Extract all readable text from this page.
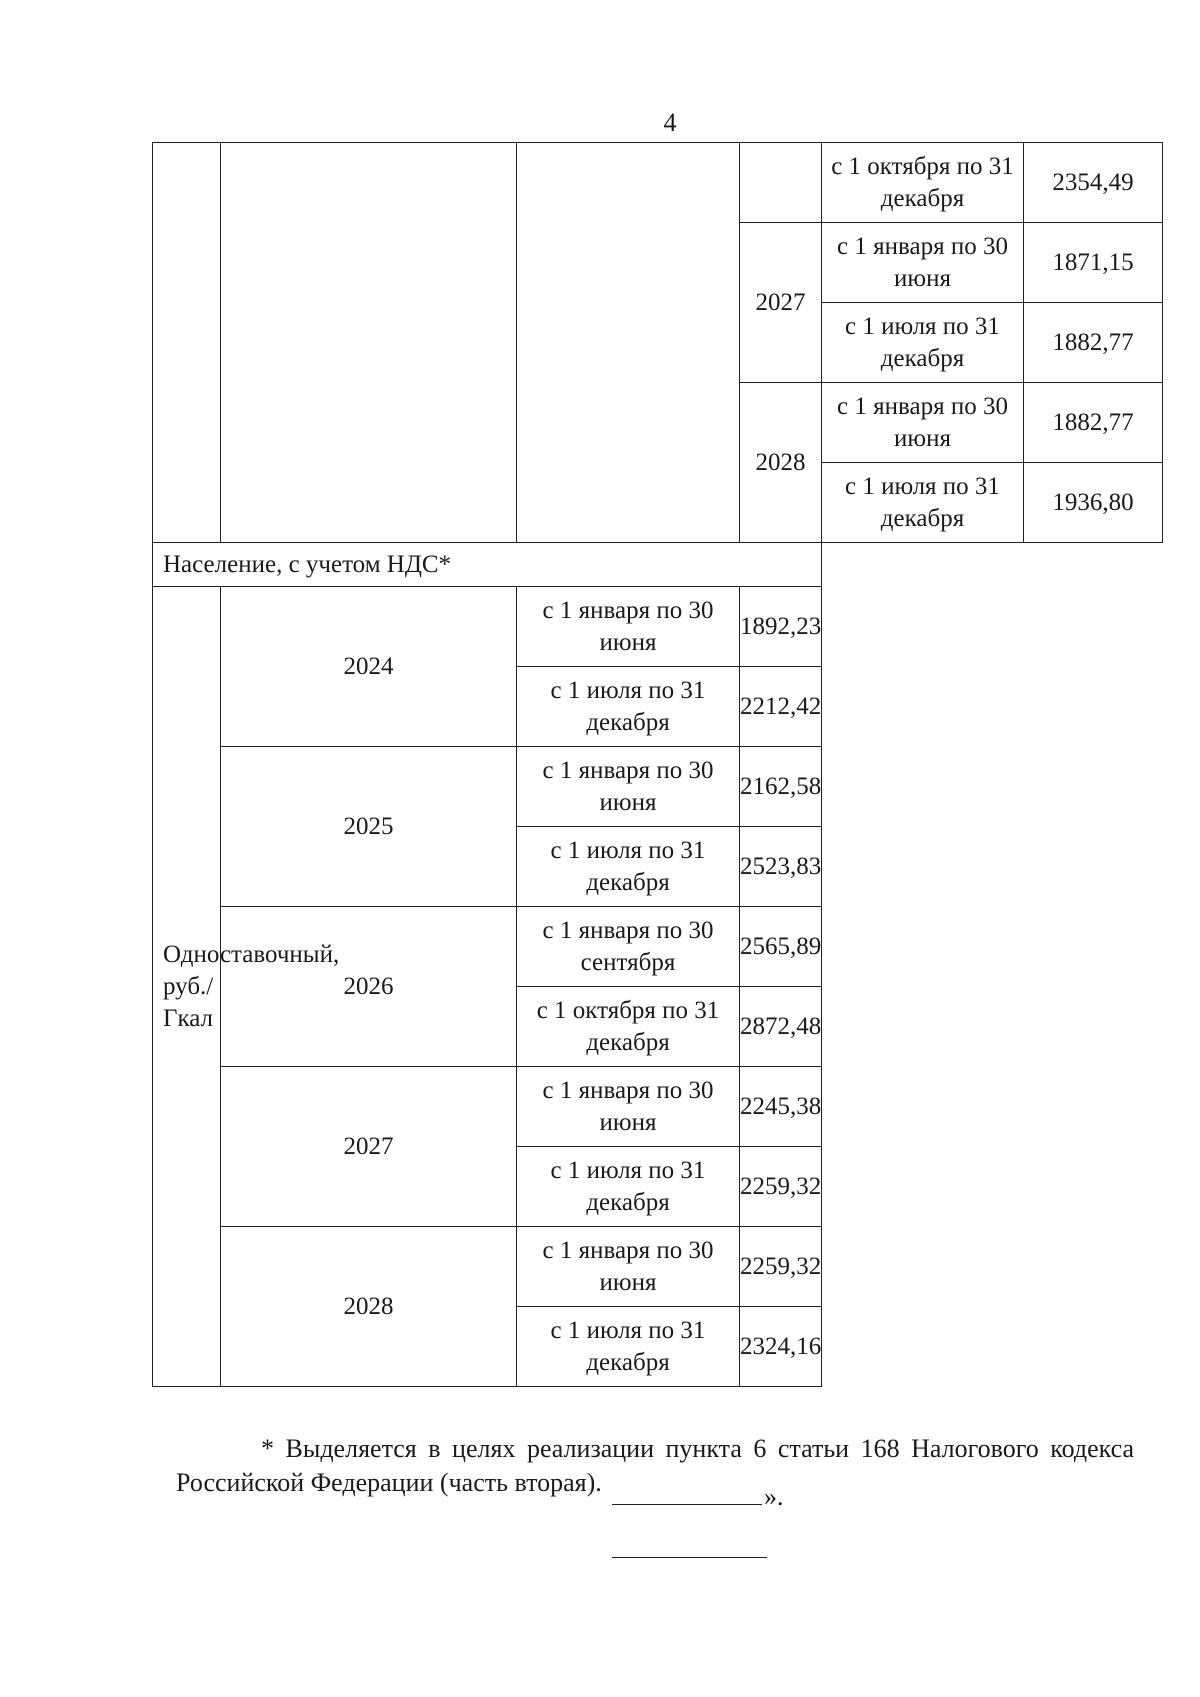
4
				с 1 октября по 31 декабря	2354,49
			2027	с 1 января по 30 июня	1871,15
				с 1 июля по 31 декабря	1882,77
			2028	с 1 января по 30 июня	1882,77
				с 1 июля по 31 декабря	1936,80
Население, с учетом НДС*					
Одноставочный, руб./Гкал	2024	с 1 января по 30 июня	1892,23		
		с 1 июля по 31 декабря	2212,42		
	2025	с 1 января по 30 июня	2162,58		
		с 1 июля по 31 декабря	2523,83		
	2026	с 1 января по 30 сентября	2565,89		
		с 1 октября по 31 декабря	2872,48		
	2027	с 1 января по 30 июня	2245,38		
		с 1 июля по 31 декабря	2259,32		
	2028	с 1 января по 30 июня	2259,32		
		с 1 июля по 31 декабря	2324,16		
* Выделяется в целях реализации пункта 6 статьи 168 Налогового кодекса Российской Федерации (часть вторая).	».
